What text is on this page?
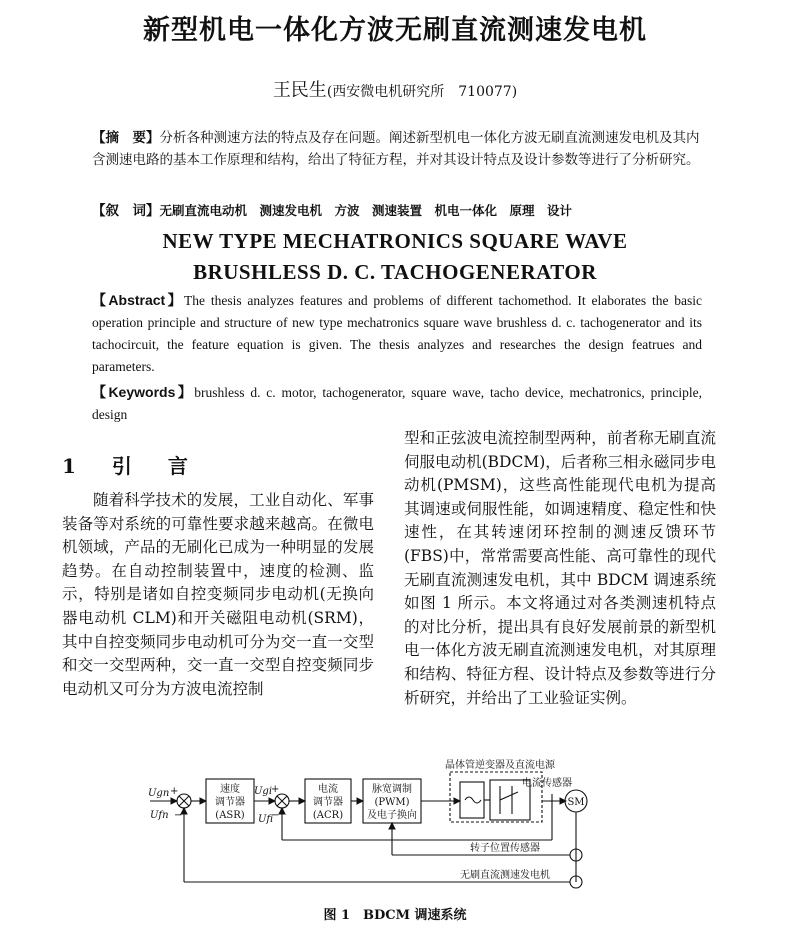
新型机电一体化方波无刷直流测速发电机
王民生(西安微电机研究所　710077)
【摘　要】分析各种测速方法的特点及存在问题。阐述新型机电一体化方波无刷直流测速发电机及其内含测速电路的基本工作原理和结构，给出了特征方程，并对其设计特点及设计参数等进行了分析研究。
【叙　词】无刷直流电动机　测速发电机　方波　测速装置　机电一体化　原理　设计
NEW TYPE MECHATRONICS SQUARE WAVE
BRUSHLESS D. C. TACHOGENERATOR
【Abstract】The thesis analyzes features and problems of different tachomethod. It elaborates the basic operation principle and structure of new type mechatronics square wave brushless d. c. tachogenerator and its tachocircuit, the feature equation is given. The thesis analyzes and researches the design featrues and parameters.
【Keywords】brushless d. c. motor, tachogenerator, square wave, tacho device, mechatronics, principle, design
1　 引　言
随着科学技术的发展，工业自动化、军事装备等对系统的可靠性要求越来越高。在微电机领域，产品的无刷化已成为一种明显的发展趋势。在自动控制装置中，速度的检测、监示，特别是诸如自控变频同步电动机(无换向器电动机 CLM)和开关磁阻电动机(SRM)，其中自控变频同步电动机可分为交一直一交型和交一交型两种，交一直一交型自控变频同步电动机又可分为方波电流控制
型和正弦波电流控制型两种，前者称无刷直流伺服电动机(BDCM)，后者称三相永磁同步电动机(PMSM)，这些高性能现代电机为提高其调速或伺服性能，如调速精度、稳定性和快速性，在其转速闭环控制的测速反馈环节(FBS)中，常常需要高性能、高可靠性的现代无刷直流测速发电机，其中 BDCM 调速系统如图 1 所示。本文将通过对各类测速机特点的对比分析，提出具有良好发展前景的新型机电一体化方波无刷直流测速发电机，对其原理和结构、特征方程、设计特点及参数等进行分析研究，并给出了工业验证实例。
晶体管逆变器及直流电源
电流传感器
速度
调节器
(ASR)
电流
调节器
(ACR)
脉宽调制
(PWM)
及电子换向
SM
转子位置传感器
无刷直流测速发电机
Ugn +
Ufn −
Ugi
+
Ufi
−
图 1　BDCM 调速系统
